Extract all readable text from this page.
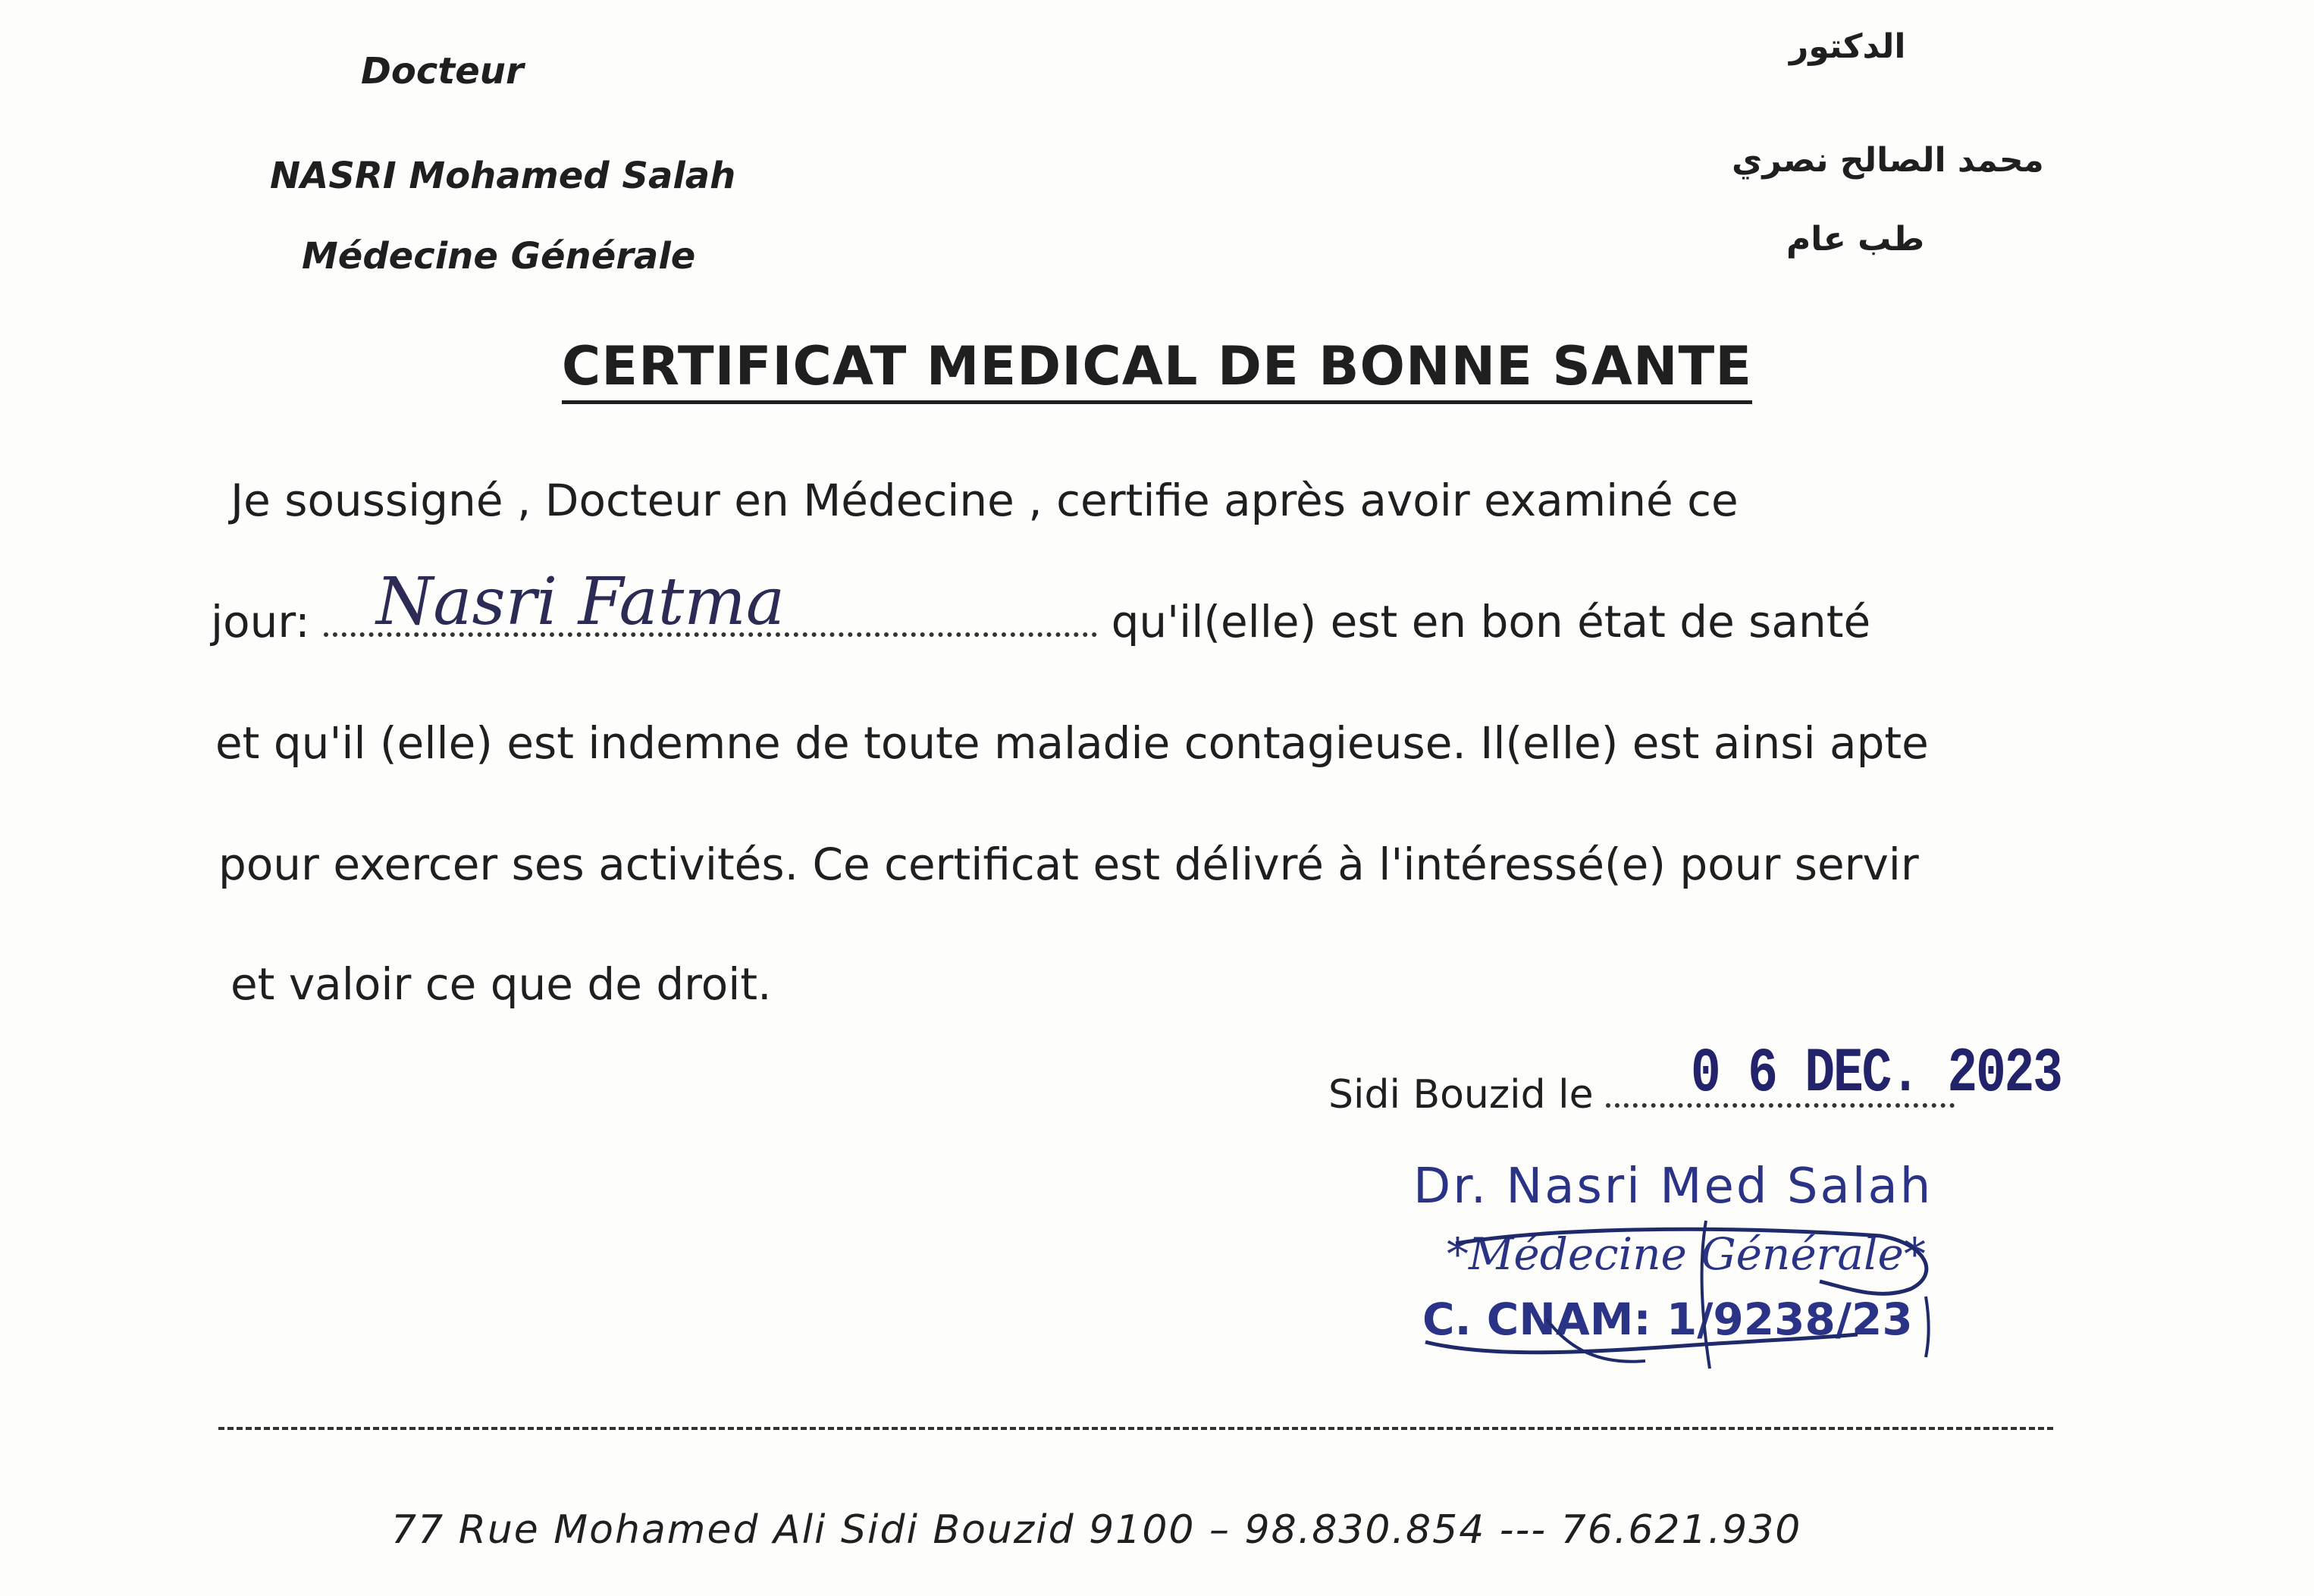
Docteur
NASRI Mohamed Salah
Médecine Générale
الدكتور
محمد الصالح نصري
طب عام
CERTIFICAT MEDICAL DE BONNE SANTE
Je soussigné , Docteur en Médecine , certifie après avoir examiné ce
jour:	qu'il(elle) est en bon état de santé
Nasri Fatma
et qu'il (elle) est indemne de toute maladie contagieuse. Il(elle) est ainsi apte
pour exercer ses activités. Ce certificat est délivré à l'intéressé(e) pour servir
et valoir ce que de droit.
Sidi Bouzid le	0 6 DEC. 2023
Dr. Nasri Med Salah
*Médecine Générale*
C. CNAM: 1/9238/23
77 Rue Mohamed Ali Sidi Bouzid 9100 – 98.830.854 --- 76.621.930
